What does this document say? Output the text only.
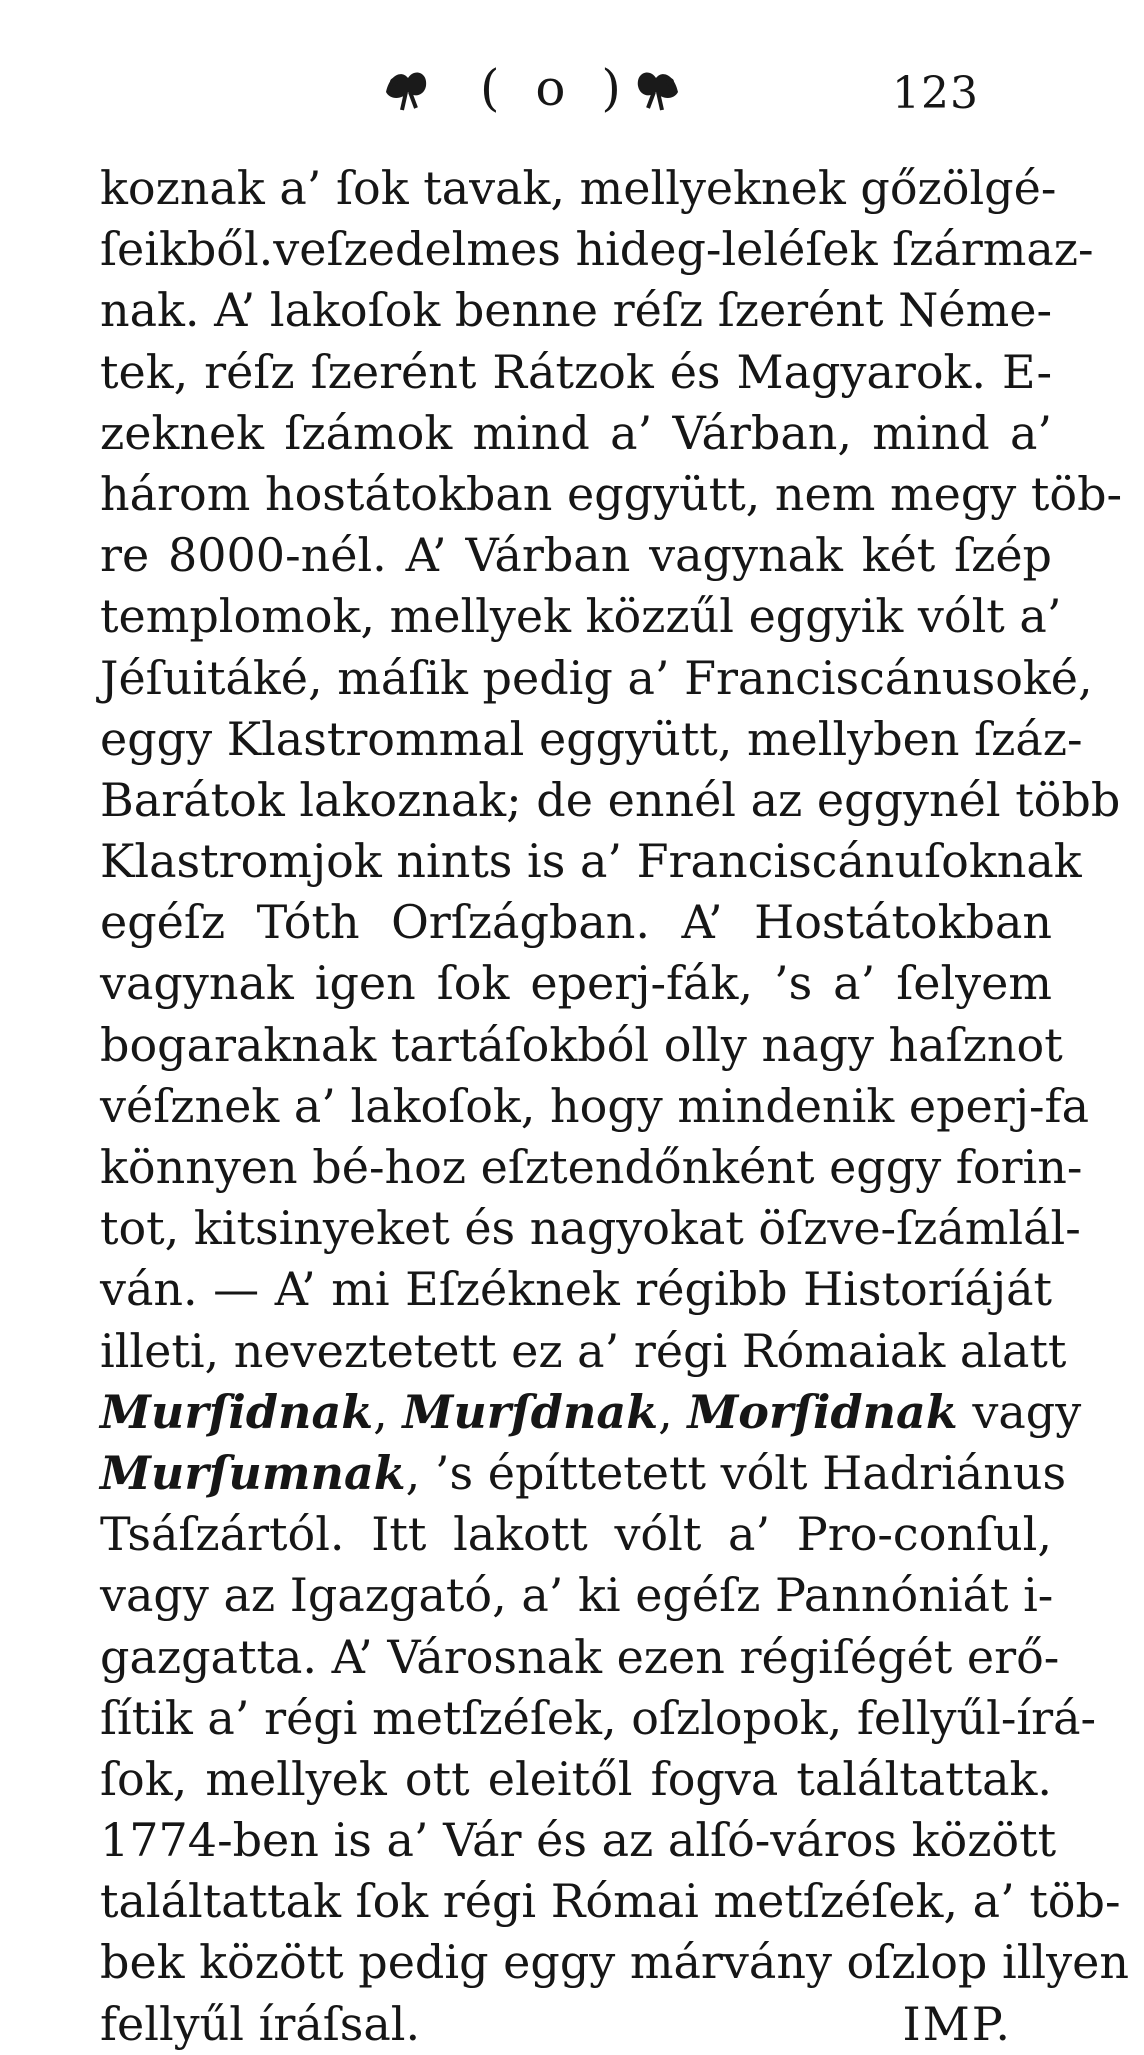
( o )	123
koznak a’ ſok tavak, mellyeknek gőzölgé-
ſeikből.veſzedelmes hideg-leléſek ſzármaz-
nak. A’ lakoſok benne réſz ſzerént Néme-
tek, réſz ſzerént Rátzok és Magyarok. E-
zeknek ſzámok mind a’ Várban, mind a’
három hostátokban eggyütt, nem megy töb-
re 8000-nél. A’ Várban vagynak két ſzép
templomok, mellyek közzűl eggyik vólt a’
Jéſuitáké, máſik pedig a’ Franciscánusoké,
eggy Klastrommal eggyütt, mellyben ſzáz-
Barátok lakoznak; de ennél az eggynél több
Klastromjok nints is a’ Franciscánuſoknak
egéſz Tóth Orſzágban. A’ Hostátokban
vagynak igen ſok eperj-fák, ’s a’ ſelyem
bogaraknak tartáſokból olly nagy haſznot
véſznek a’ lakoſok, hogy mindenik eperj-fa
könnyen bé-hoz eſztendőnként eggy forin-
tot, kitsinyeket és nagyokat öſzve-ſzámlál-
ván. — A’ mi Eſzéknek régibb Historíáját
illeti, neveztetett ez a’ régi Rómaiak alatt
Murſidnak, Murſdnak, Morſidnak vagy
Murſumnak, ’s építtetett vólt Hadriánus
Tsáſzártól. Itt lakott vólt a’ Pro-conſul,
vagy az Igazgató, a’ ki egéſz Pannóniát i-
gazgatta. A’ Városnak ezen régiſégét erő-
ſítik a’ régi metſzéſek, oſzlopok, fellyűl-írá-
ſok, mellyek ott eleitől fogva találtattak.
1774-ben is a’ Vár és az alſó-város között
találtattak ſok régi Római metſzéſek, a’ töb-
bek között pedig eggy márvány oſzlop illyen
fellyűl íráſsal.	IMP.
